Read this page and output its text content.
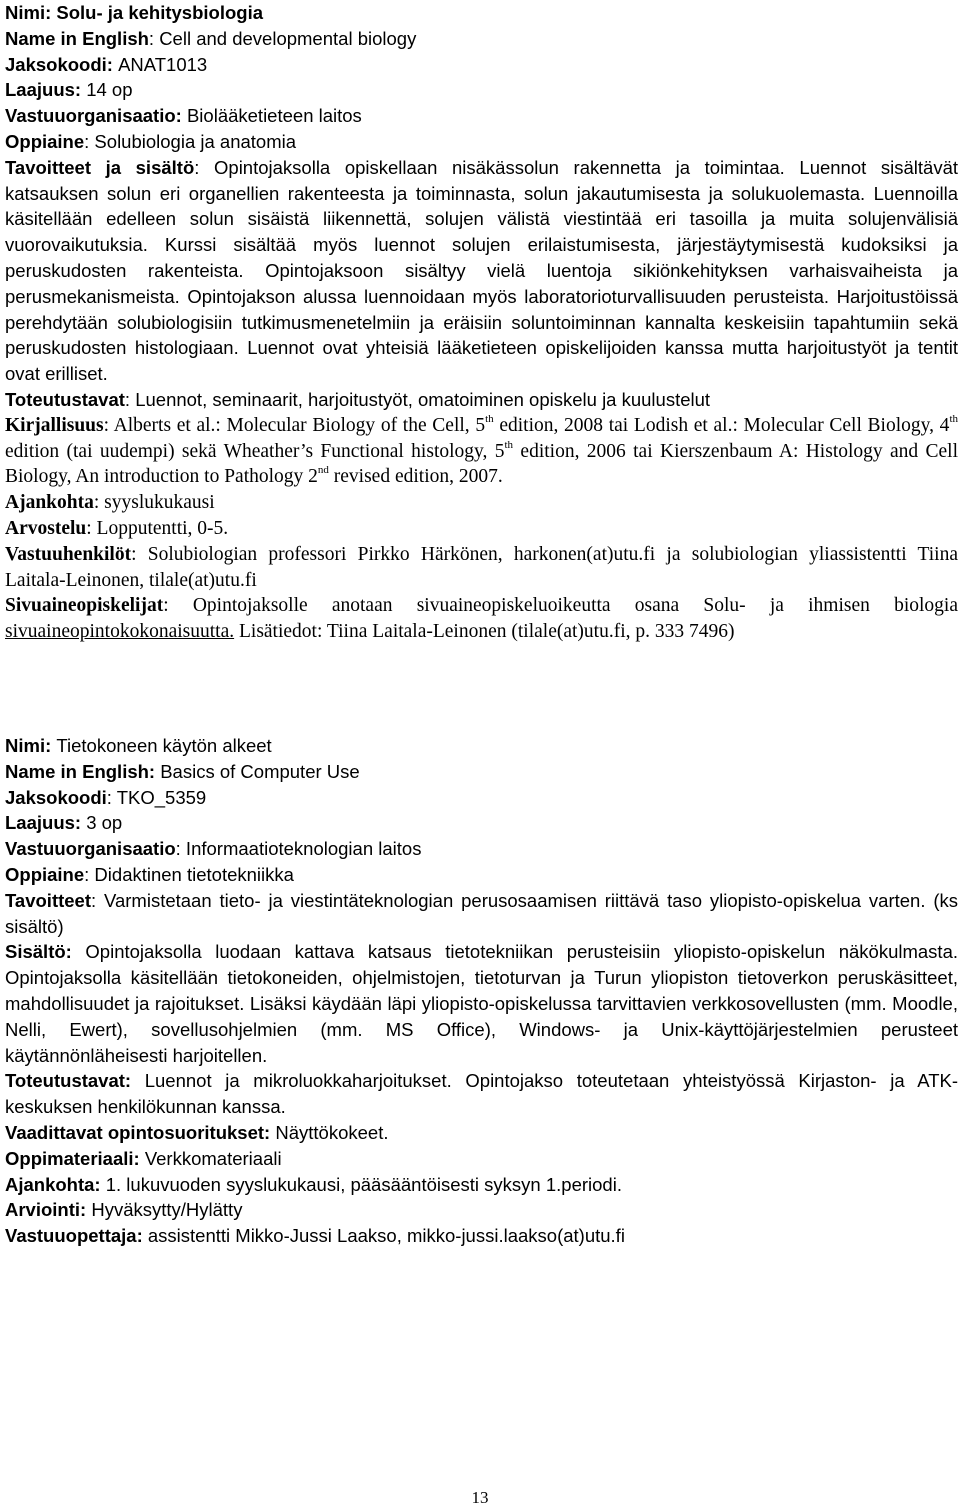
Nimi: Solu- ja kehitysbiologia

Name in English: Cell and developmental biology

Jaksokoodi: ANAT1013

Laajuus: 14 op

Vastuuorganisaatio: Biolääketieteen laitos

Oppiaine: Solubiologia ja anatomia

Tavoitteet ja sisältö: Opintojaksolla opiskellaan nisäkässolun rakennetta ja toimintaa. Luennot sisältävät katsauksen solun eri organellien rakenteesta ja toiminnasta, solun jakautumisesta ja solukuolemasta. Luennoilla käsitellään edelleen solun sisäistä liikennettä, solujen välistä viestintää eri tasoilla ja muita solujenvälisiä vuorovaikutuksia. Kurssi sisältää myös luennot solujen erilaistumisesta, järjestäytymisestä kudoksiksi ja peruskudosten rakenteista. Opintojaksoon sisältyy vielä luentoja sikiönkehityksen varhaisvaiheista ja perusmekanismeista. Opintojakson alussa luennoidaan myös laboratorioturvallisuuden perusteista. Harjoitustöissä perehdytään solubiologisiin tutkimusmenetelmiin ja eräisiin soluntoiminnan kannalta keskeisiin tapahtumiin sekä peruskudosten histologiaan. Luennot ovat yhteisiä lääketieteen opiskelijoiden kanssa mutta harjoitustyöt ja tentit ovat erilliset.

Toteutustavat: Luennot, seminaarit, harjoitustyöt, omatoiminen opiskelu ja kuulustelut

Kirjallisuus: Alberts et al.: Molecular Biology of the Cell, 5th edition, 2008 tai Lodish et al.: Molecular Cell Biology, 4th edition (tai uudempi) sekä Wheather’s Functional histology, 5th edition, 2006 tai Kierszenbaum A: Histology and Cell Biology, An introduction to Pathology 2nd revised edition, 2007.

Ajankohta: syyslukukausi

Arvostelu: Lopputentti, 0-5.

Vastuuhenkilöt: Solubiologian professori Pirkko Härkönen, harkonen(at)utu.fi ja solubiologian yliassistentti Tiina Laitala-Leinonen, tilale(at)utu.fi

Sivuaineopiskelijat: Opintojaksolle anotaan sivuaineopiskeluoikeutta osana Solu- ja ihmisen biologia sivuaineopintokokonaisuutta. Lisätiedot: Tiina Laitala-Leinonen (tilale(at)utu.fi, p. 333 7496)

Nimi: Tietokoneen käytön alkeet

Name in English: Basics of Computer Use

Jaksokoodi: TKO_5359

Laajuus: 3 op

Vastuuorganisaatio: Informaatioteknologian laitos

Oppiaine: Didaktinen tietotekniikka

Tavoitteet: Varmistetaan tieto- ja viestintäteknologian perusosaamisen riittävä taso yliopisto-opiskelua varten. (ks sisältö)

Sisältö: Opintojaksolla luodaan kattava katsaus tietotekniikan perusteisiin yliopisto-opiskelun näkökulmasta. Opintojaksolla käsitellään tietokoneiden, ohjelmistojen, tietoturvan ja Turun yliopiston tietoverkon peruskäsitteet, mahdollisuudet ja rajoitukset. Lisäksi käydään läpi yliopisto-opiskelussa tarvittavien verkkosovellusten (mm. Moodle, Nelli, Ewert), sovellusohjelmien (mm. MS Office), Windows- ja Unix-käyttöjärjestelmien perusteet käytännönläheisesti harjoitellen.

Toteutustavat: Luennot ja mikroluokkaharjoitukset. Opintojakso toteutetaan yhteistyössä Kirjaston- ja ATK-keskuksen henkilökunnan kanssa.

Vaadittavat opintosuoritukset: Näyttökokeet.

Oppimateriaali: Verkkomateriaali

Ajankohta: 1. lukuvuoden syyslukukausi, pääsääntöisesti syksyn 1.periodi.

Arviointi: Hyväksytty/Hylätty

Vastuuopettaja: assistentti Mikko-Jussi Laakso, mikko-jussi.laakso(at)utu.fi

13
